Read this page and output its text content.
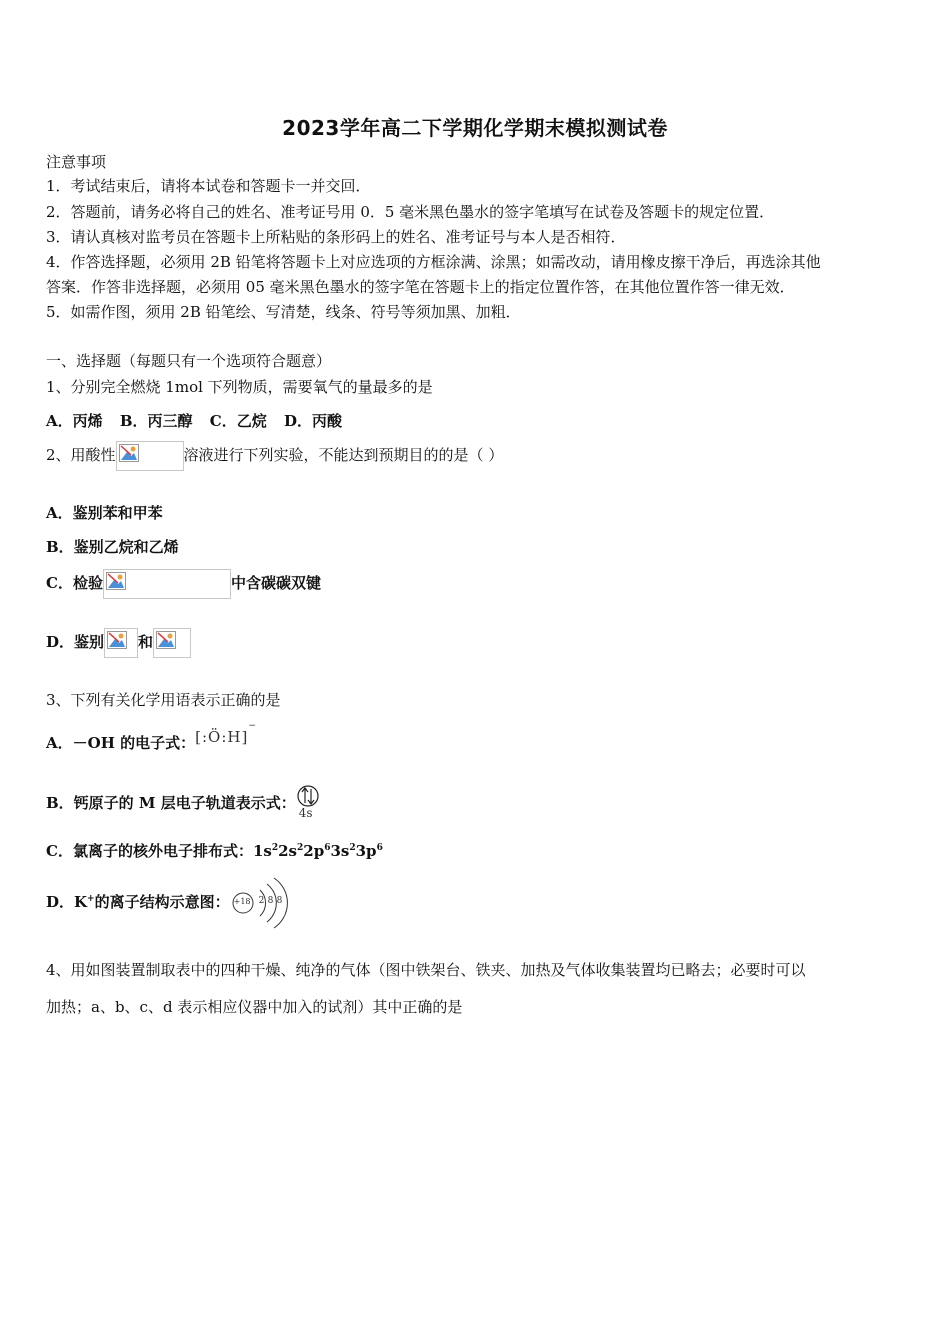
2023学年高二下学期化学期末模拟测试卷
注意事项
1．考试结束后，请将本试卷和答题卡一并交回．
2．答题前，请务必将自己的姓名、准考证号用 0．5 毫米黑色墨水的签字笔填写在试卷及答题卡的规定位置．
3．请认真核对监考员在答题卡上所粘贴的条形码上的姓名、准考证号与本人是否相符．
4．作答选择题，必须用 2B 铅笔将答题卡上对应选项的方框涂满、涂黑；如需改动，请用橡皮擦干净后，再选涂其他
答案．作答非选择题，必须用 05 毫米黑色墨水的签字笔在答题卡上的指定位置作答，在其他位置作答一律无效．
5．如需作图，须用 2B 铅笔绘、写清楚，线条、符号等须加黑、加粗．
一、选择题（每题只有一个选项符合题意）
1、分别完全燃烧 1mol 下列物质，需要氧气的量最多的是
A．丙烯 B．丙三醇 C．乙烷 D．丙酸
2、用酸性	溶液进行下列实验，不能达到预期目的的是（ ）
A．鉴别苯和甲苯
B．鉴别乙烷和乙烯
C．检验	中含碳碳双键
D．鉴别 和
3、下列有关化学用语表示正确的是
A．－OH 的电子式：[:Ö:H]−
B．钙原子的 M 层电子轨道表示式：
4s
C．氯离子的核外电子排布式：$1s^22s^22p^63s^23p^6$
D．K+的离子结构示意图： +18 2 8 8
4、用如图装置制取表中的四种干燥、纯净的气体（图中铁架台、铁夹、加热及气体收集装置均已略去；必要时可以
加热；a、b、c、d 表示相应仪器中加入的试剂）其中正确的是
